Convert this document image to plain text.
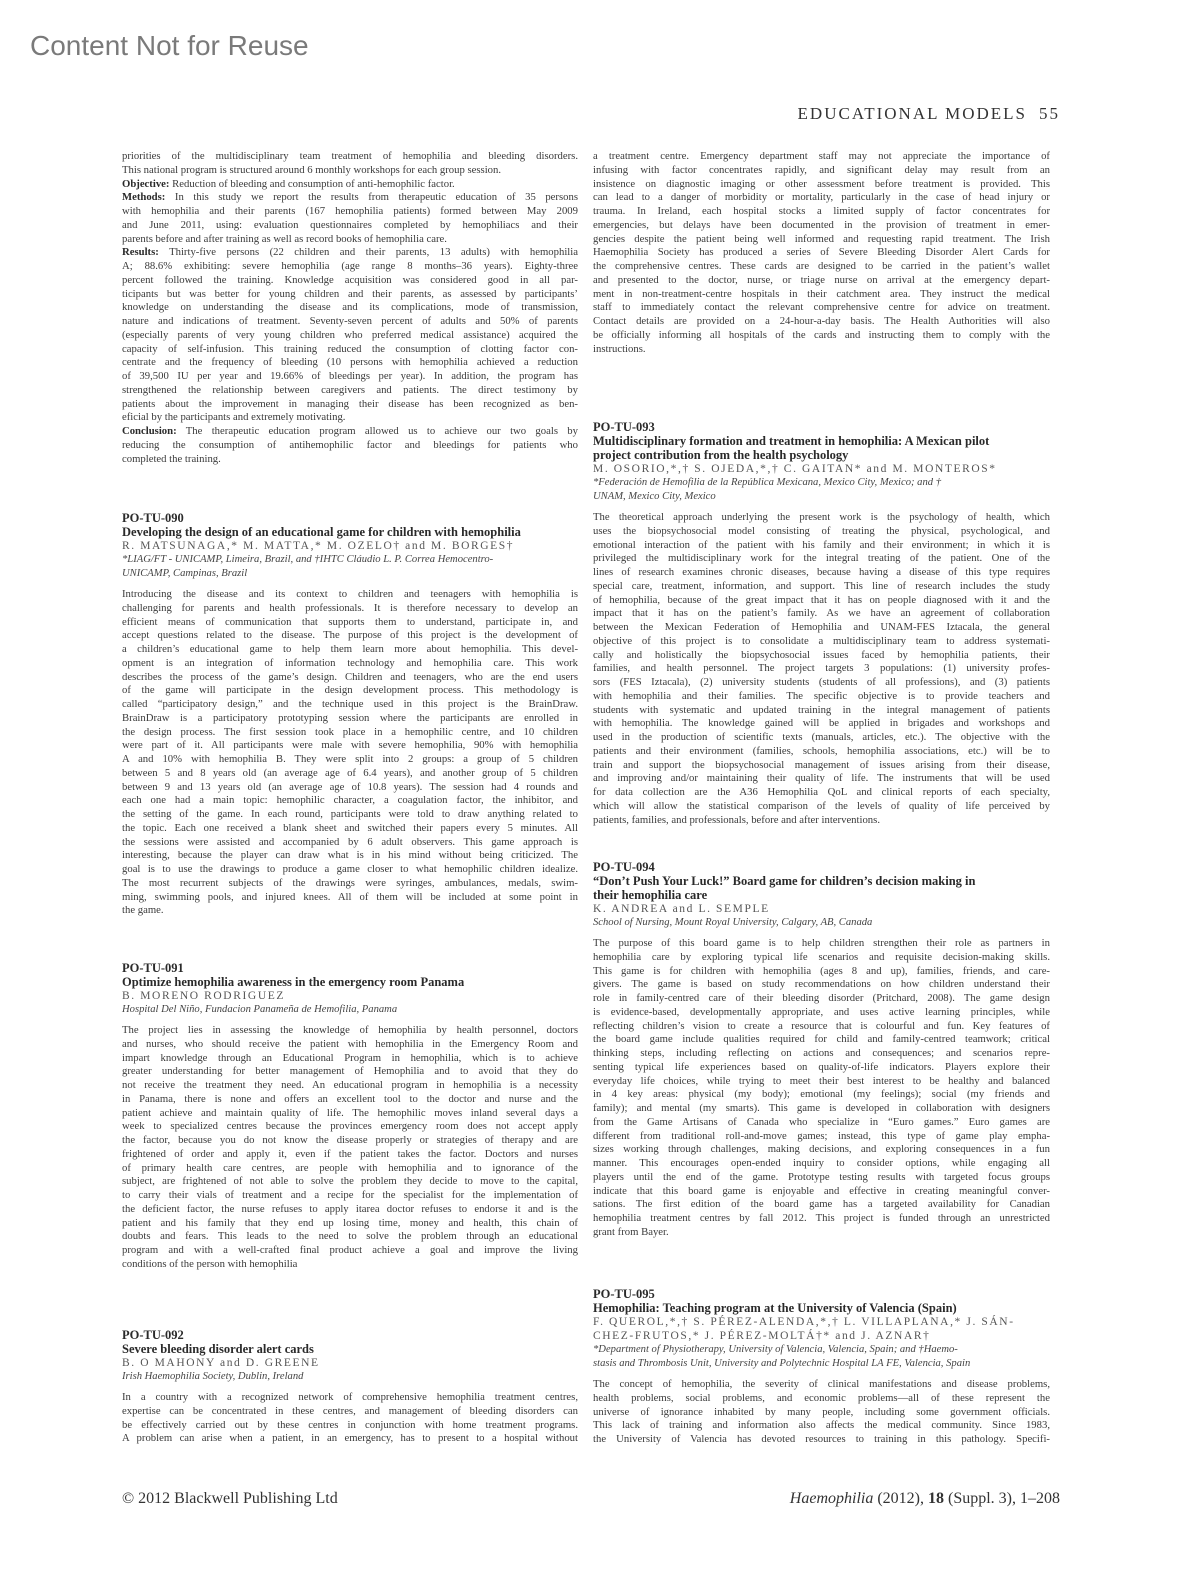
Content Not for Reuse
EDUCATIONAL MODELS 55
priorities of the multidisciplinary team treatment of hemophilia and bleeding disorders.
This national program is structured around 6 monthly workshops for each group session.
Objective: Reduction of bleeding and consumption of anti-hemophilic factor.
Methods: In this study we report the results from therapeutic education of 35 persons
with hemophilia and their parents (167 hemophilia patients) formed between May 2009
and June 2011, using: evaluation questionnaires completed by hemophiliacs and their
parents before and after training as well as record books of hemophilia care.
Results: Thirty-five persons (22 children and their parents, 13 adults) with hemophilia
A; 88.6% exhibiting: severe hemophilia (age range 8 months–36 years). Eighty-three
percent followed the training. Knowledge acquisition was considered good in all par-
ticipants but was better for young children and their parents, as assessed by participants’
knowledge on understanding the disease and its complications, mode of transmission,
nature and indications of treatment. Seventy-seven percent of adults and 50% of parents
(especially parents of very young children who preferred medical assistance) acquired the
capacity of self-infusion. This training reduced the consumption of clotting factor con-
centrate and the frequency of bleeding (10 persons with hemophilia achieved a reduction
of 39,500 IU per year and 19.66% of bleedings per year). In addition, the program has
strengthened the relationship between caregivers and patients. The direct testimony by
patients about the improvement in managing their disease has been recognized as ben-
eficial by the participants and extremely motivating.
Conclusion: The therapeutic education program allowed us to achieve our two goals by
reducing the consumption of antihemophilic factor and bleedings for patients who
completed the training.
PO-TU-090
Developing the design of an educational game for children with hemophilia
R. MATSUNAGA,* M. MATTA,* M. OZELO† and M. BORGES†
*LIAG/FT - UNICAMP, Limeira, Brazil, and †IHTC Cláudio L. P. Correa Hemocentro-
UNICAMP, Campinas, Brazil
Introducing the disease and its context to children and teenagers with hemophilia is
challenging for parents and health professionals. It is therefore necessary to develop an
efficient means of communication that supports them to understand, participate in, and
accept questions related to the disease. The purpose of this project is the development of
a children’s educational game to help them learn more about hemophilia. This devel-
opment is an integration of information technology and hemophilia care. This work
describes the process of the game’s design. Children and teenagers, who are the end users
of the game will participate in the design development process. This methodology is
called “participatory design,” and the technique used in this project is the BrainDraw.
BrainDraw is a participatory prototyping session where the participants are enrolled in
the design process. The first session took place in a hemophilic centre, and 10 children
were part of it. All participants were male with severe hemophilia, 90% with hemophilia
A and 10% with hemophilia B. They were split into 2 groups: a group of 5 children
between 5 and 8 years old (an average age of 6.4 years), and another group of 5 children
between 9 and 13 years old (an average age of 10.8 years). The session had 4 rounds and
each one had a main topic: hemophilic character, a coagulation factor, the inhibitor, and
the setting of the game. In each round, participants were told to draw anything related to
the topic. Each one received a blank sheet and switched their papers every 5 minutes. All
the sessions were assisted and accompanied by 6 adult observers. This game approach is
interesting, because the player can draw what is in his mind without being criticized. The
goal is to use the drawings to produce a game closer to what hemophilic children idealize.
The most recurrent subjects of the drawings were syringes, ambulances, medals, swim-
ming, swimming pools, and injured knees. All of them will be included at some point in
the game.
PO-TU-091
Optimize hemophilia awareness in the emergency room Panama
B. MORENO RODRIGUEZ
Hospital Del Niño, Fundacion Panameña de Hemofilia, Panama
The project lies in assessing the knowledge of hemophilia by health personnel, doctors
and nurses, who should receive the patient with hemophilia in the Emergency Room and
impart knowledge through an Educational Program in hemophilia, which is to achieve
greater understanding for better management of Hemophilia and to avoid that they do
not receive the treatment they need. An educational program in hemophilia is a necessity
in Panama, there is none and offers an excellent tool to the doctor and nurse and the
patient achieve and maintain quality of life. The hemophilic moves inland several days a
week to specialized centres because the provinces emergency room does not accept apply
the factor, because you do not know the disease properly or strategies of therapy and are
frightened of order and apply it, even if the patient takes the factor. Doctors and nurses
of primary health care centres, are people with hemophilia and to ignorance of the
subject, are frightened of not able to solve the problem they decide to move to the capital,
to carry their vials of treatment and a recipe for the specialist for the implementation of
the deficient factor, the nurse refuses to apply itarea doctor refuses to endorse it and is the
patient and his family that they end up losing time, money and health, this chain of
doubts and fears. This leads to the need to solve the problem through an educational
program and with a well-crafted final product achieve a goal and improve the living
conditions of the person with hemophilia
PO-TU-092
Severe bleeding disorder alert cards
B. O MAHONY and D. GREENE
Irish Haemophilia Society, Dublin, Ireland
In a country with a recognized network of comprehensive hemophilia treatment centres,
expertise can be concentrated in these centres, and management of bleeding disorders can
be effectively carried out by these centres in conjunction with home treatment programs.
A problem can arise when a patient, in an emergency, has to present to a hospital without
a treatment centre. Emergency department staff may not appreciate the importance of
infusing with factor concentrates rapidly, and significant delay may result from an
insistence on diagnostic imaging or other assessment before treatment is provided. This
can lead to a danger of morbidity or mortality, particularly in the case of head injury or
trauma. In Ireland, each hospital stocks a limited supply of factor concentrates for
emergencies, but delays have been documented in the provision of treatment in emer-
gencies despite the patient being well informed and requesting rapid treatment. The Irish
Haemophilia Society has produced a series of Severe Bleeding Disorder Alert Cards for
the comprehensive centres. These cards are designed to be carried in the patient’s wallet
and presented to the doctor, nurse, or triage nurse on arrival at the emergency depart-
ment in non-treatment-centre hospitals in their catchment area. They instruct the medical
staff to immediately contact the relevant comprehensive centre for advice on treatment.
Contact details are provided on a 24-hour-a-day basis. The Health Authorities will also
be officially informing all hospitals of the cards and instructing them to comply with the
instructions.
PO-TU-093
Multidisciplinary formation and treatment in hemophilia: A Mexican pilot
project contribution from the health psychology
M. OSORIO,*,† S. OJEDA,*,† C. GAITAN* and M. MONTEROS*
*Federación de Hemofilia de la República Mexicana, Mexico City, Mexico; and †
UNAM, Mexico City, Mexico
The theoretical approach underlying the present work is the psychology of health, which
uses the biopsychosocial model consisting of treating the physical, psychological, and
emotional interaction of the patient with his family and their environment; in which it is
privileged the multidisciplinary work for the integral treating of the patient. One of the
lines of research examines chronic diseases, because having a disease of this type requires
special care, treatment, information, and support. This line of research includes the study
of hemophilia, because of the great impact that it has on people diagnosed with it and the
impact that it has on the patient’s family. As we have an agreement of collaboration
between the Mexican Federation of Hemophilia and UNAM-FES Iztacala, the general
objective of this project is to consolidate a multidisciplinary team to address systemati-
cally and holistically the biopsychosocial issues faced by hemophilia patients, their
families, and health personnel. The project targets 3 populations: (1) university profes-
sors (FES Iztacala), (2) university students (students of all professions), and (3) patients
with hemophilia and their families. The specific objective is to provide teachers and
students with systematic and updated training in the integral management of patients
with hemophilia. The knowledge gained will be applied in brigades and workshops and
used in the production of scientific texts (manuals, articles, etc.). The objective with the
patients and their environment (families, schools, hemophilia associations, etc.) will be to
train and support the biopsychosocial management of issues arising from their disease,
and improving and/or maintaining their quality of life. The instruments that will be used
for data collection are the A36 Hemophilia QoL and clinical reports of each specialty,
which will allow the statistical comparison of the levels of quality of life perceived by
patients, families, and professionals, before and after interventions.
PO-TU-094
“Don’t Push Your Luck!” Board game for children’s decision making in
their hemophilia care
K. ANDREA and L. SEMPLE
School of Nursing, Mount Royal University, Calgary, AB, Canada
The purpose of this board game is to help children strengthen their role as partners in
hemophilia care by exploring typical life scenarios and requisite decision-making skills.
This game is for children with hemophilia (ages 8 and up), families, friends, and care-
givers. The game is based on study recommendations on how children understand their
role in family-centred care of their bleeding disorder (Pritchard, 2008). The game design
is evidence-based, developmentally appropriate, and uses active learning principles, while
reflecting children’s vision to create a resource that is colourful and fun. Key features of
the board game include qualities required for child and family-centred teamwork; critical
thinking steps, including reflecting on actions and consequences; and scenarios repre-
senting typical life experiences based on quality-of-life indicators. Players explore their
everyday life choices, while trying to meet their best interest to be healthy and balanced
in 4 key areas: physical (my body); emotional (my feelings); social (my friends and
family); and mental (my smarts). This game is developed in collaboration with designers
from the Game Artisans of Canada who specialize in “Euro games.” Euro games are
different from traditional roll-and-move games; instead, this type of game play empha-
sizes working through challenges, making decisions, and exploring consequences in a fun
manner. This encourages open-ended inquiry to consider options, while engaging all
players until the end of the game. Prototype testing results with targeted focus groups
indicate that this board game is enjoyable and effective in creating meaningful conver-
sations. The first edition of the board game has a targeted availability for Canadian
hemophilia treatment centres by fall 2012. This project is funded through an unrestricted
grant from Bayer.
PO-TU-095
Hemophilia: Teaching program at the University of Valencia (Spain)
F. QUEROL,*,† S. PÉREZ-ALENDA,*,† L. VILLAPLANA,* J. SÁN-
CHEZ-FRUTOS,* J. PÉREZ-MOLTÁ†* and J. AZNAR†
*Department of Physiotherapy, University of Valencia, Valencia, Spain; and †Haemo-
stasis and Thrombosis Unit, University and Polytechnic Hospital LA FE, Valencia, Spain
The concept of hemophilia, the severity of clinical manifestations and disease problems,
health problems, social problems, and economic problems—all of these represent the
universe of ignorance inhabited by many people, including some government officials.
This lack of training and information also affects the medical community. Since 1983,
the University of Valencia has devoted resources to training in this pathology. Specifi-
© 2012 Blackwell Publishing Ltd	Haemophilia (2012), 18 (Suppl. 3), 1–208
